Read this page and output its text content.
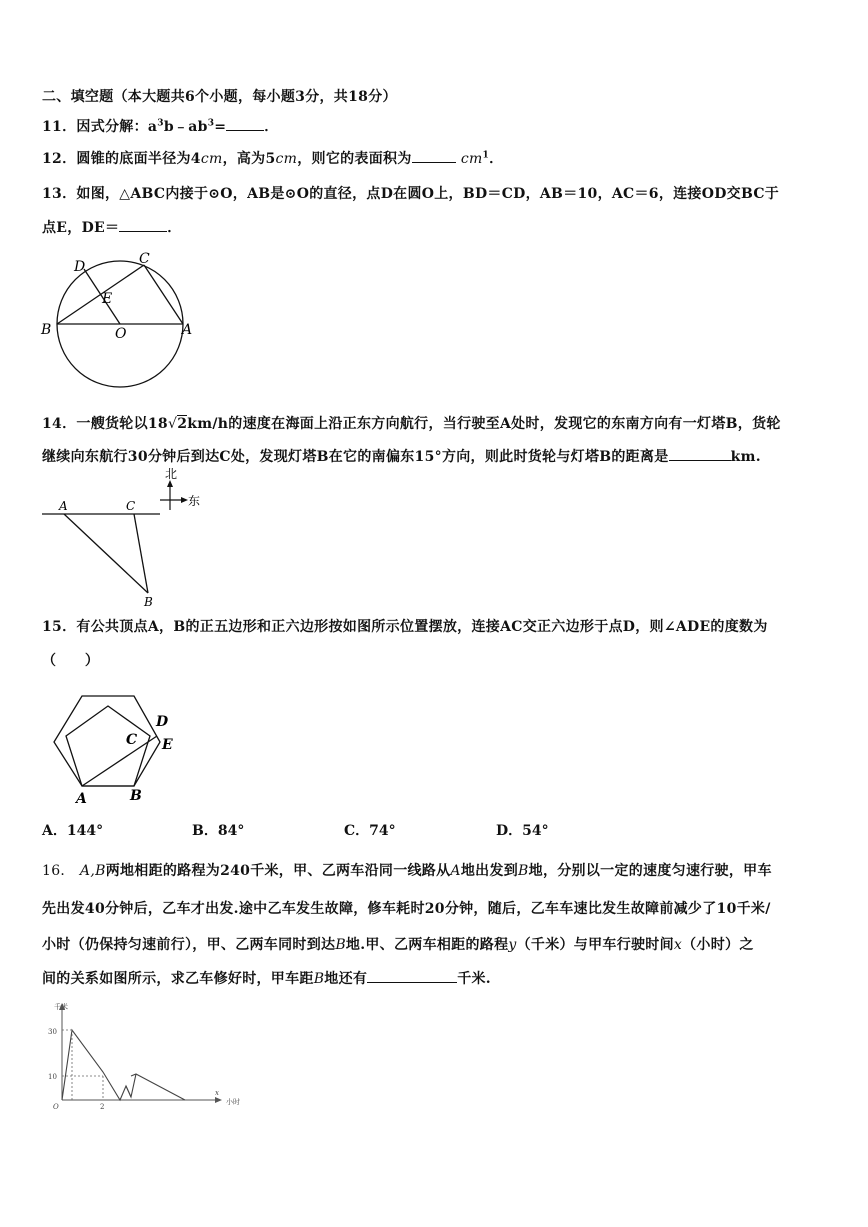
二、填空题（本大题共6个小题，每小题3分，共18分）
11．因式分解：$a^3b﹣ab^3=$	．
12．圆锥的底面半径为4cm，高为5cm，则它的表面积为	$cm^1$．
13．如图，△ABC内接于⊙O，AB是⊙O的直径，点D在圆O上，BD＝CD，AB＝10，AC＝6，连接OD交BC于
点E，DE＝	．
D	C
E
B	O	A
14．一艘货轮以18√2km/h的速度在海面上沿正东方向航行，当行驶至A处时，发现它的东南方向有一灯塔B，货轮
继续向东航行30分钟后到达C处，发现灯塔B在它的南偏东15°方向，则此时货轮与灯塔B的距离是	km.
北
东
A	C
B
15．有公共顶点A，B的正五边形和正六边形按如图所示位置摆放，连接AC交正六边形于点D，则∠ADE的度数为
（　　）
A	B
C
D
E
A．144°	B．84°	C．74°	D．54°
16． A,B两地相距的路程为240千米，甲、乙两车沿同一线路从A地出发到B地，分别以一定的速度匀速行驶，甲车
先出发40分钟后，乙车才出发.途中乙车发生故障，修车耗时20分钟，随后，乙车车速比发生故障前减少了10千米/
小时（仍保持匀速前行），甲、乙两车同时到达B地.甲、乙两车相距的路程y（千米）与甲车行驶时间x（小时）之
间的关系如图所示，求乙车修好时，甲车距B地还有	千米.
千米
30
10
O	2
x
小时
